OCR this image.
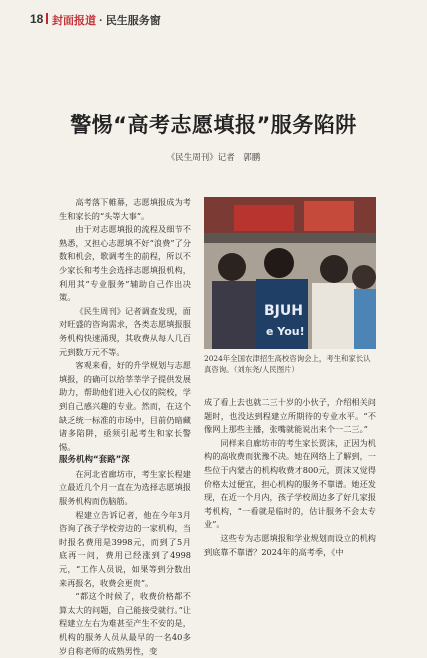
18 封面报道 · 民生服务窗
警惕“高考志愿填报”服务陷阱
《民生周刊》记者　郭鹏

高考落下帷幕，志愿填报成为考生和家长的“头等大事”。

由于对志愿填报的流程及细节不熟悉，又担心志愿填不好“浪费”了分数和机会，歌调考生的前程，所以不少家长和考生会选择志愿填报机构，利用其“专业服务”辅助自己作出决策。

《民生周刊》记者调查发现，面对旺盛的咨询需求，各类志愿填报服务机构快速涌现，其收费从每人几百元到数万元不等。

客观来看，好的升学规划与志愿填报，的确可以给莘莘学子提供发展助力，帮助他们进入心仪的院校，学到自己感兴趣的专业。然而，在这个缺乏统一标准的市场中，目前仍暗藏诸多陷阱，亟须引起考生和家长警惕。

服务机构“套路”深

在河北省廊坊市，考生家长程建立最近几个月一直在为选择志愿填报服务机构而伤脑筋。

程建立告诉记者，他在今年3月咨询了孩子学校旁边的一家机构，当时报名费用是3998元，而到了5月底再一问，费用已经涨到了4998元，“工作人员说，如果等到分数出来再报名，收费会更贵”。

“都这个时候了，收费价格都不算太大的问题，自己能接受就行。”让程建立左右为难甚至产生不安的是，机构的服务人员从最早的一名40多岁自称老师的成熟男性，变

BJUH
e You!
2024年全国农津招生高校咨询会上，考生和家长认真咨询。（刘东尧/人民图片）

成了看上去也就二三十岁的小伙子，介绍相关问题时，也没达到程建立所期待的专业水平。“不像网上那些主播，张嘴就能说出来个一二三。”

同样来自廊坊市的考生家长贾沫，正因为机构的高收费而犹豫不决。她在网络上了解到，一些位于内蒙古的机构收费才800元，贾沫又觉得价格太过便宜，担心机构的服务不靠谱。她还发现，在近一个月内，孩子学校周边多了好几家报考机构，“一看就是临时的，估计服务不会太专业”。

这些专为志愿填报和学业规划而设立的机构到底靠不靠谱？2024年的高考季，《中
